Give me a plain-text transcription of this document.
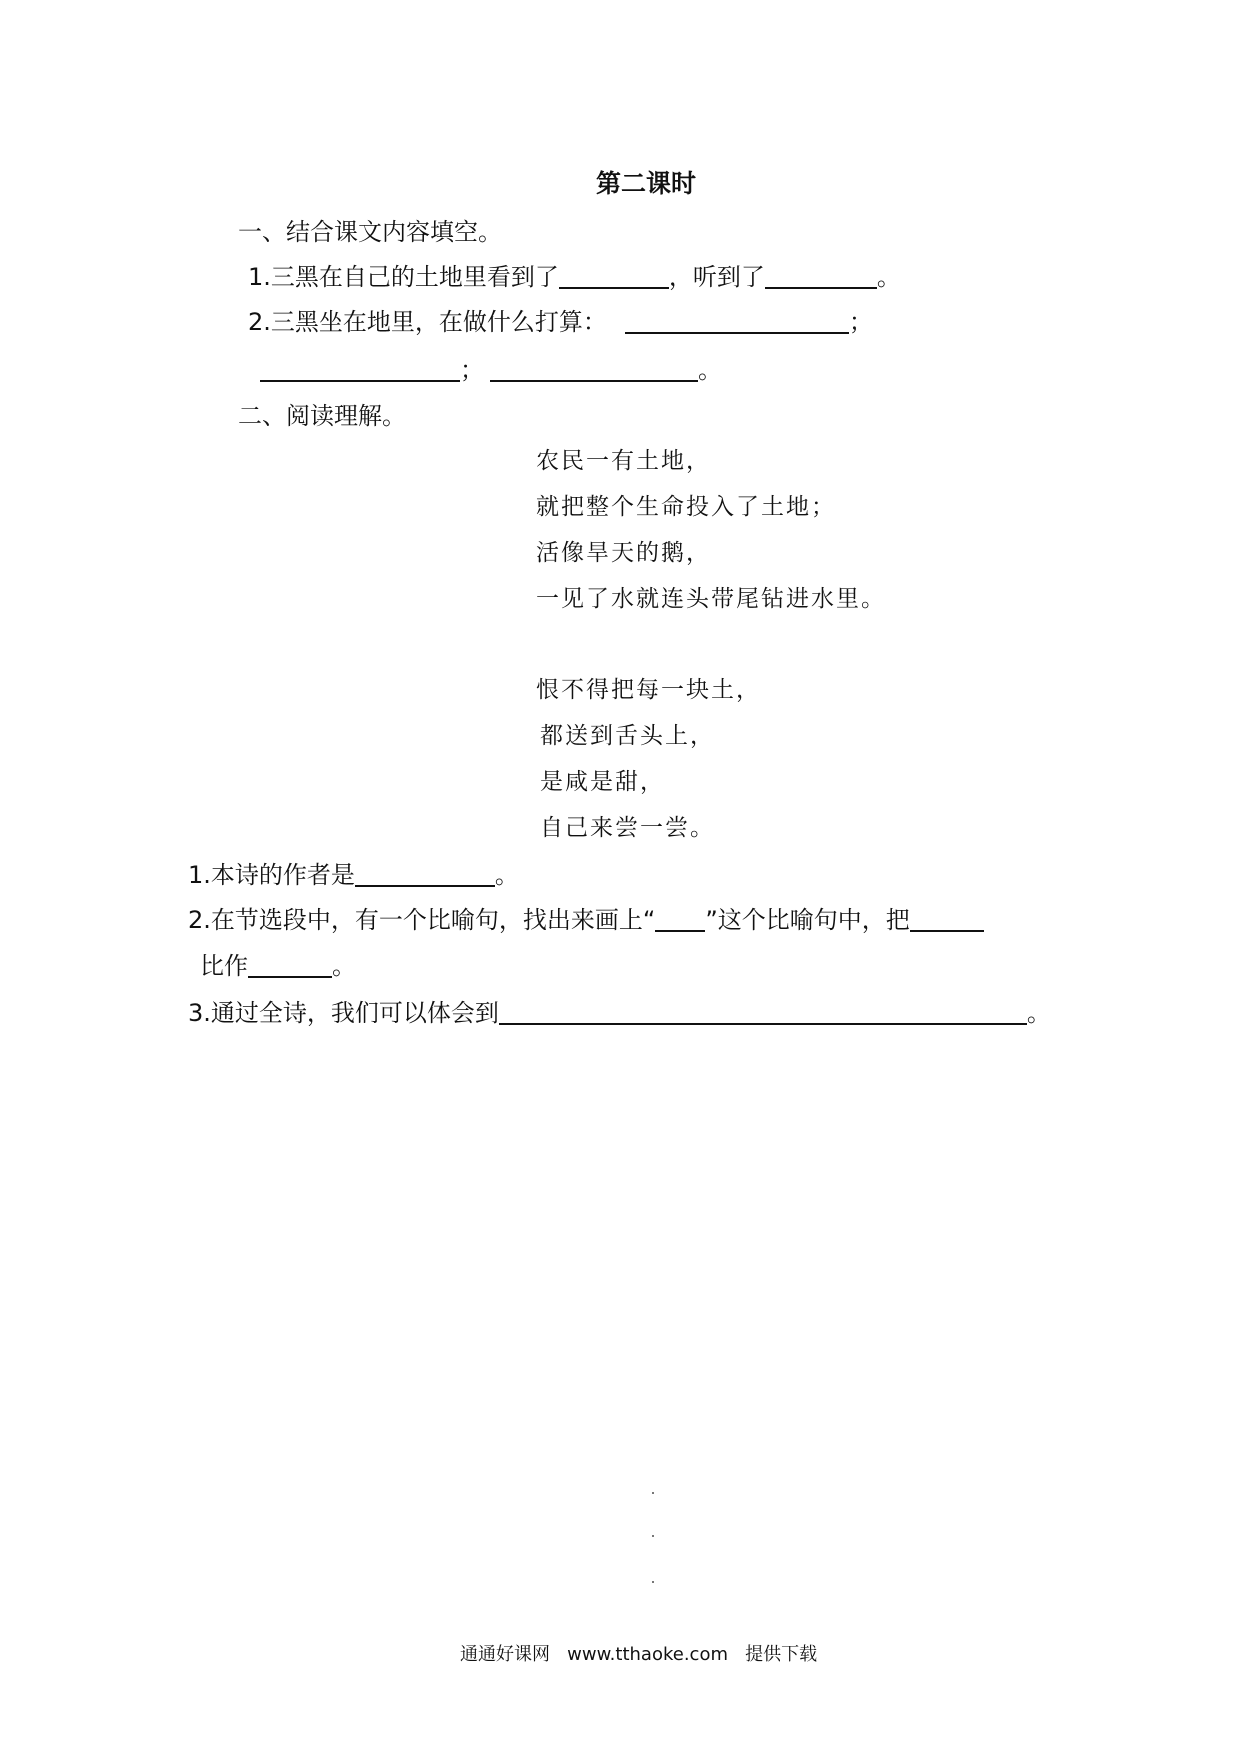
第二课时
一、结合课文内容填空。
1.三黑在自己的土地里看到了	，听到了	。
2.三黑坐在地里，在做什么打算：	；
；	。
二、阅读理解。
农民一有土地，
就把整个生命投入了土地；
活像旱天的鹅，
一见了水就连头带尾钻进水里。
恨不得把每一块土，
都送到舌头上，
是咸是甜，
自己来尝一尝。
1.本诗的作者是	。
2.在节选段中，有一个比喻句，找出来画上“ ”这个比喻句中，把
比作	。
3.通过全诗，我们可以体会到	。
通通好课网   www.tthaoke.com   提供下载
